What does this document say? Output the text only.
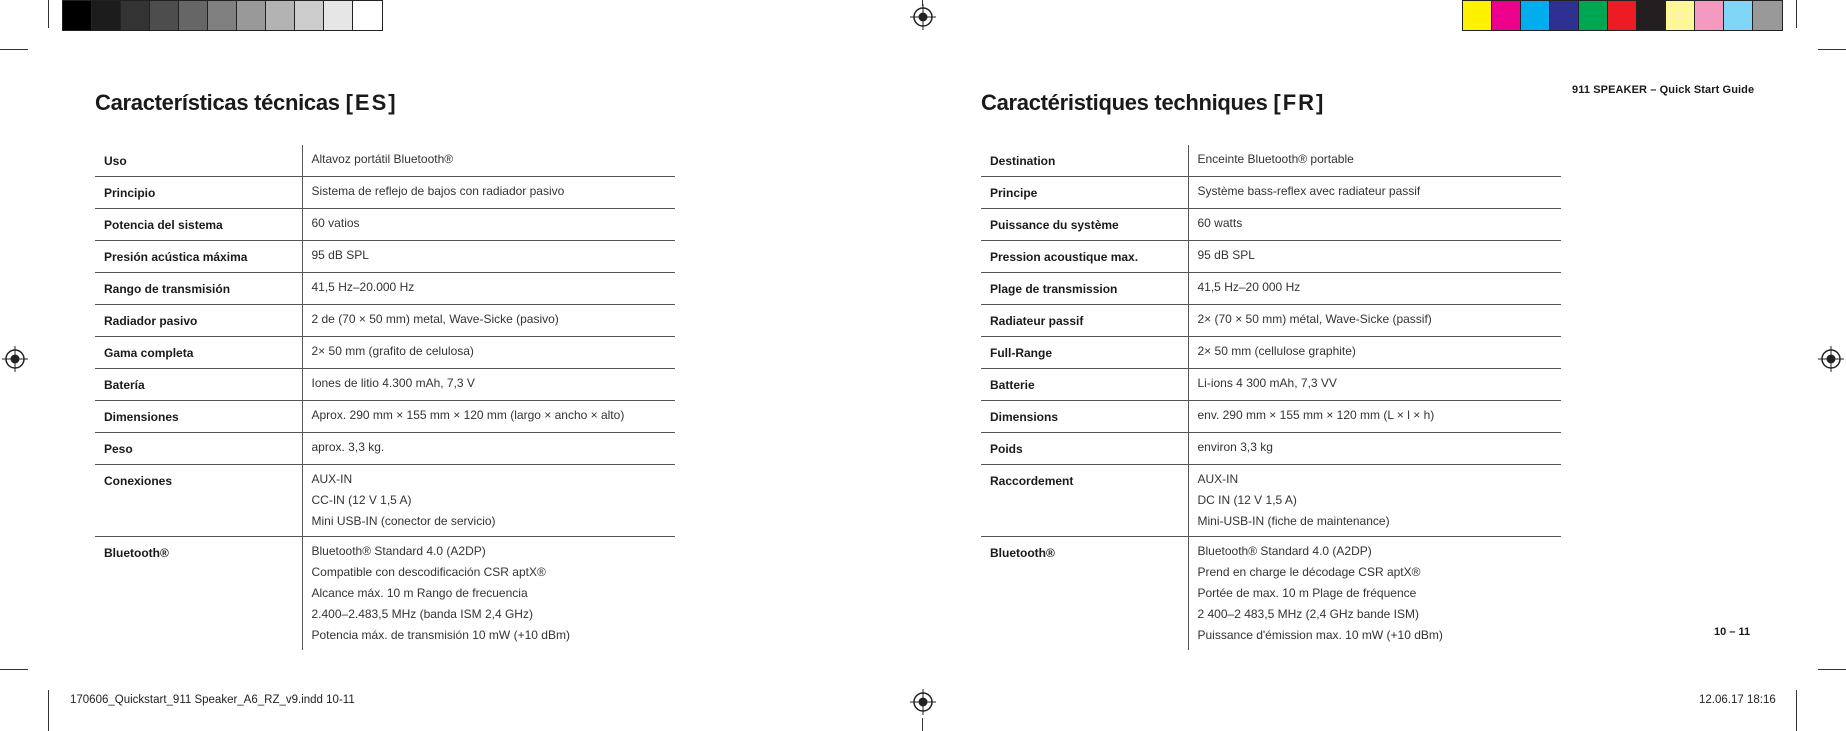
911 SPEAKER – Quick Start Guide
10 – 11
Características técnicas [ES]
Uso	Altavoz portátil Bluetooth®

Principio	Sistema de reflejo de bajos con radiador pasivo

Potencia del sistema	60 vatios

Presión acústica máxima	95 dB SPL

Rango de transmisión	41,5 Hz–20.000 Hz

Radiador pasivo	2 de (70 × 50 mm) metal, Wave-Sicke (pasivo)

Gama completa	2× 50 mm (grafito de celulosa)

Batería	Iones de litio 4.300 mAh, 7,3 V

Dimensiones	Aprox. 290 mm × 155 mm × 120 mm (largo × ancho × alto)

Peso	aprox. 3,3 kg.

Conexiones	AUX-IN
CC-IN (12 V 1,5 A)
Mini USB-IN (conector de servicio)

Bluetooth®	Bluetooth® Standard 4.0 (A2DP)
Compatible con descodificación CSR aptX®
Alcance máx. 10 m Rango de frecuencia
2.400–2.483,5 MHz (banda ISM 2,4 GHz)
Potencia máx. de transmisión 10 mW (+10 dBm)
Caractéristiques techniques [FR]
Destination	Enceinte Bluetooth® portable

Principe	Système bass-reflex avec radiateur passif

Puissance du système	60 watts

Pression acoustique max.	95 dB SPL

Plage de transmission	41,5 Hz–20 000 Hz

Radiateur passif	2× (70 × 50 mm) métal, Wave-Sicke (passif)

Full-Range	2× 50 mm (cellulose graphite)

Batterie	Li-ions 4 300 mAh, 7,3 VV

Dimensions	env. 290 mm × 155 mm × 120 mm (L × l × h)

Poids	environ 3,3 kg

Raccordement	AUX-IN
DC IN (12 V 1,5 A)
Mini-USB-IN (fiche de maintenance)

Bluetooth®	Bluetooth® Standard 4.0 (A2DP)
Prend en charge le décodage CSR aptX®
Portée de max. 10 m Plage de fréquence
2 400–2 483,5 MHz (2,4 GHz bande ISM)
Puissance d'émission max. 10 mW (+10 dBm)
170606_Quickstart_911 Speaker_A6_RZ_v9.indd 10-11	12.06.17 18:16
